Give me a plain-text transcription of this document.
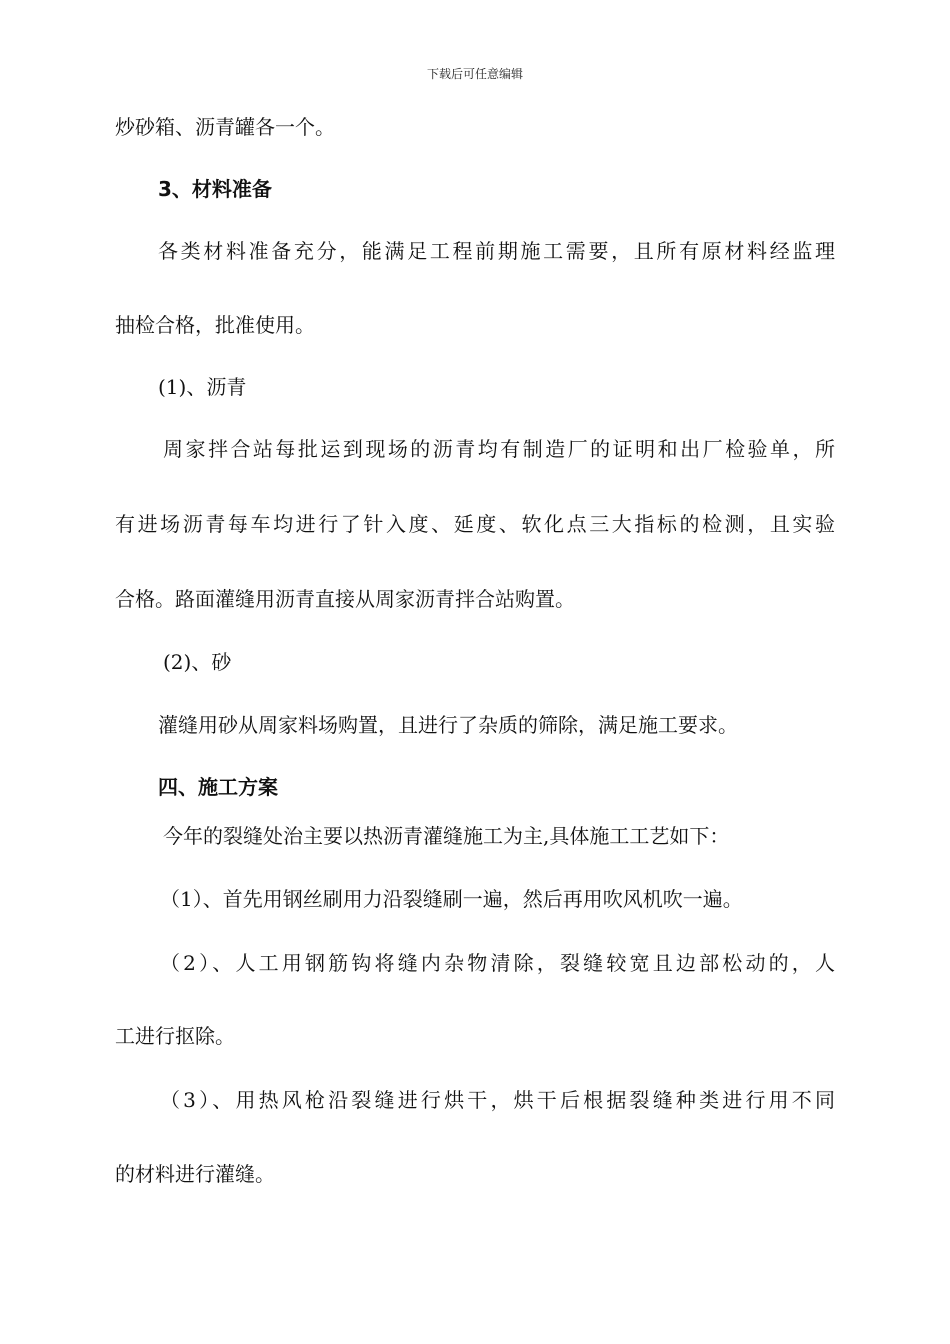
下载后可任意编辑
炒砂箱、沥青罐各一个。
3、材料准备
各类材料准备充分，能满足工程前期施工需要，且所有原材料经监理
抽检合格，批准使用。
(1)、沥青
周家拌合站每批运到现场的沥青均有制造厂的证明和出厂检验单，所
有进场沥青每车均进行了针入度、延度、软化点三大指标的检测，且实验
合格。路面灌缝用沥青直接从周家沥青拌合站购置。
(2)、砂
灌缝用砂从周家料场购置，且进行了杂质的筛除，满足施工要求。
四、施工方案
今年的裂缝处治主要以热沥青灌缝施工为主,具体施工工艺如下：
（1）、首先用钢丝刷用力沿裂缝刷一遍，然后再用吹风机吹一遍。
（2）、人工用钢筋钩将缝内杂物清除，裂缝较宽且边部松动的，人
工进行抠除。
（3）、用热风枪沿裂缝进行烘干，烘干后根据裂缝种类进行用不同
的材料进行灌缝。
